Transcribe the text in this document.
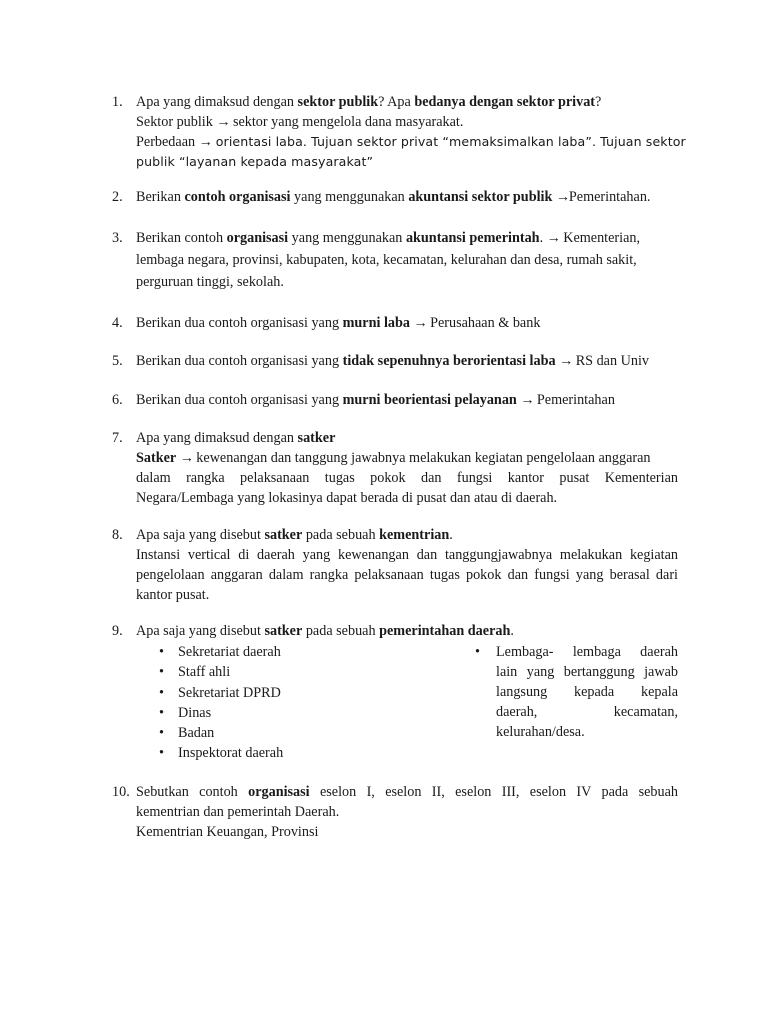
1. Apa yang dimaksud dengan sektor publik? Apa bedanya dengan sektor privat?
Sektor publik → sektor yang mengelola dana masyarakat.
Perbedaan → orientasi laba. Tujuan sektor privat “memaksimalkan laba”. Tujuan sektor
publik “layanan kepada masyarakat”
2. Berikan contoh organisasi yang menggunakan akuntansi sektor publik →Pemerintahan.
3. Berikan contoh organisasi yang menggunakan akuntansi pemerintah. → Kementerian,
lembaga negara, provinsi, kabupaten, kota, kecamatan, kelurahan dan desa, rumah sakit,
perguruan tinggi, sekolah.
4. Berikan dua contoh organisasi yang murni laba → Perusahaan & bank
5. Berikan dua contoh organisasi yang tidak sepenuhnya berorientasi laba → RS dan Univ
6. Berikan dua contoh organisasi yang murni beorientasi pelayanan → Pemerintahan
7. Apa yang dimaksud dengan satker
Satker → kewenangan dan tanggung jawabnya melakukan kegiatan pengelolaan anggaran
dalam rangka pelaksanaan tugas pokok dan fungsi kantor pusat Kementerian
Negara/Lembaga yang lokasinya dapat berada di pusat dan atau di daerah.
8. Apa saja yang disebut satker pada sebuah kementrian.
Instansi vertical di daerah yang kewenangan dan tanggungjawabnya melakukan kegiatan
pengelolaan anggaran dalam rangka pelaksanaan tugas pokok dan fungsi yang berasal dari
kantor pusat.
9. Apa saja yang disebut satker pada sebuah pemerintahan daerah.
• Sekretariat daerah
• Staff ahli
• Sekretariat DPRD
• Dinas
• Badan
• Inspektorat daerah
• Lembaga- lembaga daerah
lain yang bertanggung jawab
langsung kepada kepala
daerah, kecamatan,
kelurahan/desa.
10. Sebutkan contoh organisasi eselon I, eselon II, eselon III, eselon IV pada sebuah
kementrian dan pemerintah Daerah.
Kementrian Keuangan, Provinsi
